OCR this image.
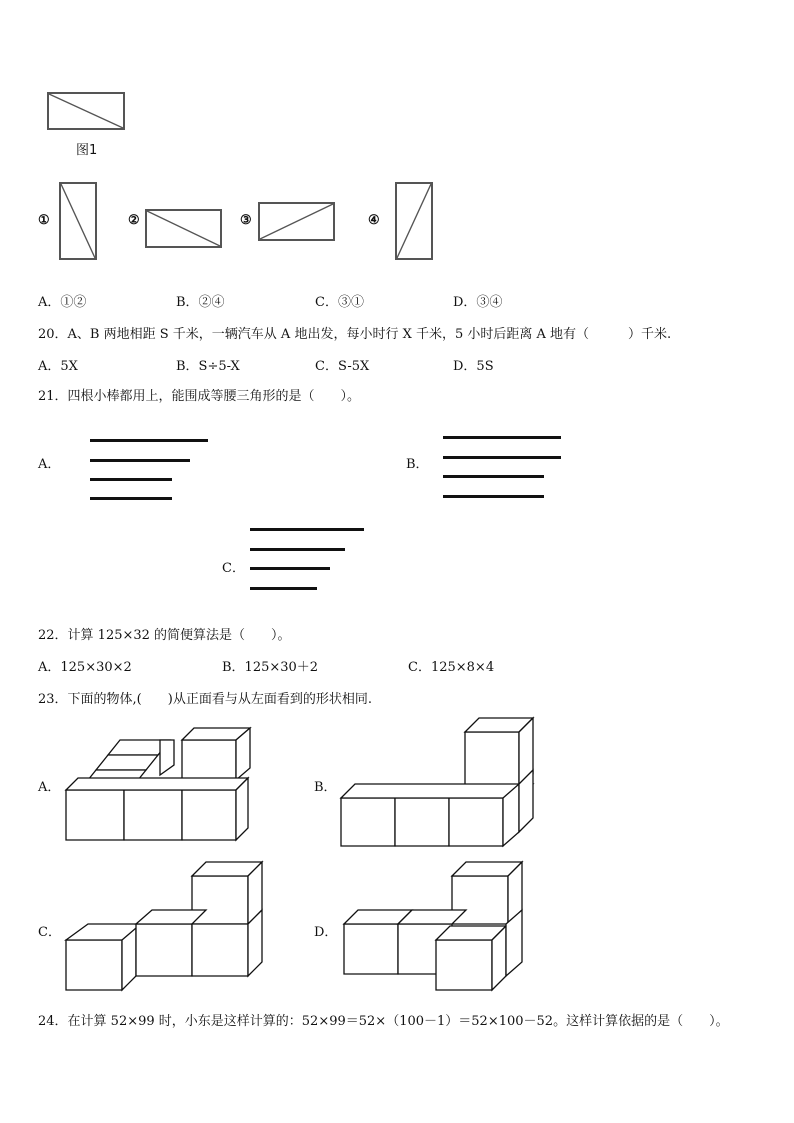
图1
①	②	③	④
A．①②	B．②④	C．③①	D．③④
20．A、B 两地相距 S 千米，一辆汽车从 A 地出发，每小时行 X 千米，5 小时后距离 A 地有（　　　）千米.
A．5X	B．S÷5-X	C．S-5X	D．5S
21．四根小棒都用上，能围成等腰三角形的是（　　）。
A．	B．
C．
22．计算 125×32 的简便算法是（　　）。
A．125×30×2	B．125×30＋2	C．125×8×4
23．下面的物体,(　　)从正面看与从左面看到的形状相同.
A．	B．
C．	D．
24．在计算 52×99 时，小东是这样计算的：52×99＝52×（100－1）＝52×100－52。这样计算依据的是（　　）。
